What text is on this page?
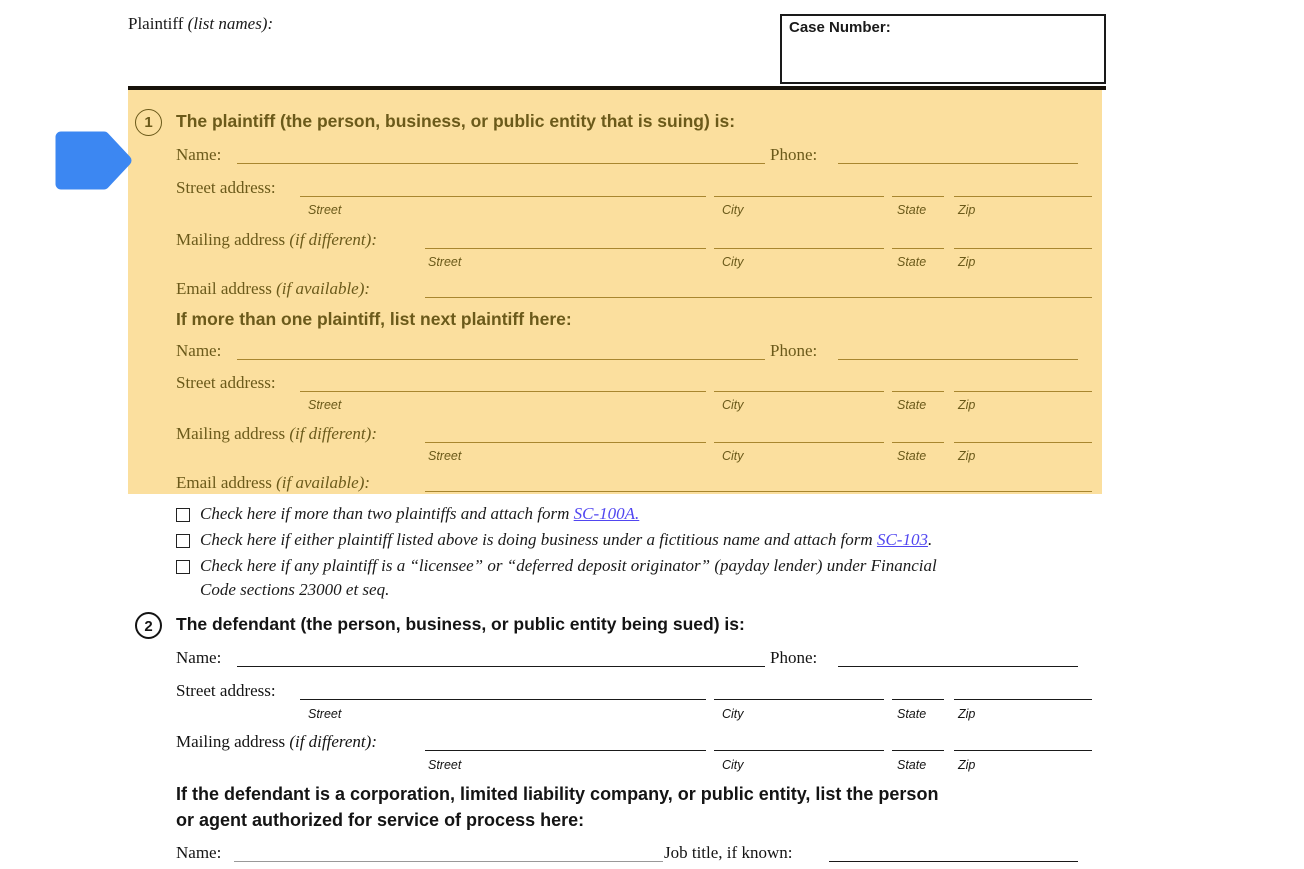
Plaintiff (list names):	Case Number:
1	The plaintiff (the person, business, or public entity that is suing) is:
Name:	Phone:
Street address:
Street	City	State	Zip
Mailing address (if different):
Street	City	State	Zip
Email address (if available):
If more than one plaintiff, list next plaintiff here:
Name:	Phone:
Street address:
Street	City	State	Zip
Mailing address (if different):
Street	City	State	Zip
Email address (if available):
Check here if more than two plaintiffs and attach form SC-100A.
Check here if either plaintiff listed above is doing business under a fictitious name and attach form SC-103.
Check here if any plaintiff is a “licensee” or “deferred deposit originator” (payday lender) under Financial
Code sections 23000 et seq.
2	The defendant (the person, business, or public entity being sued) is:
Name:	Phone:
Street address:
Street	City	State	Zip
Mailing address (if different):
Street	City	State	Zip
If the defendant is a corporation, limited liability company, or public entity, list the person
or agent authorized for service of process here:
Name:	Job title, if known:
